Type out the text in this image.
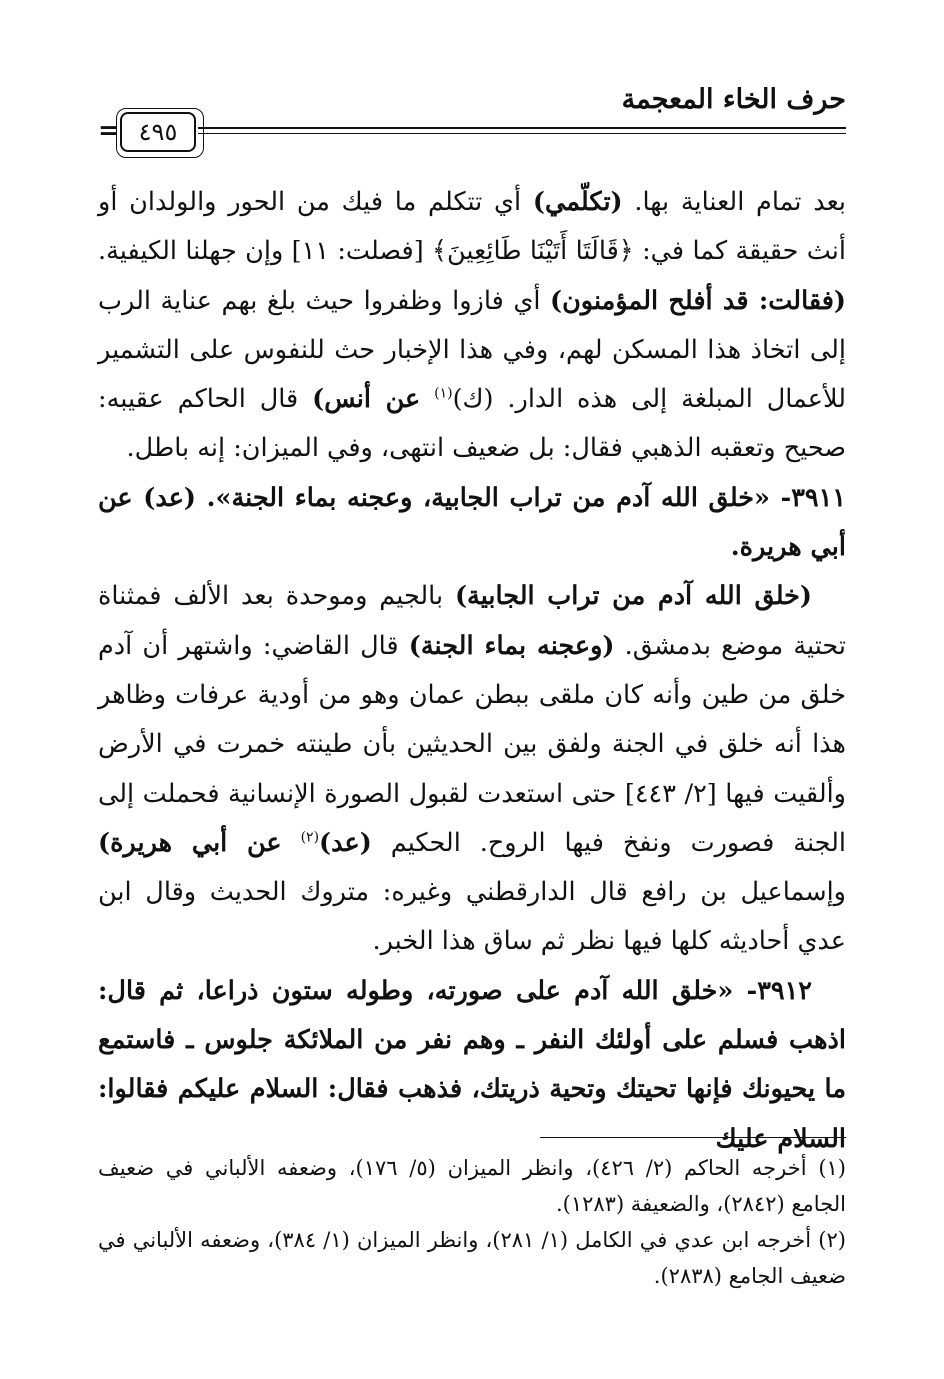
حرف الخاء المعجمة
= ٤٩٥

بعد تمام العناية بها. (تكلّمي) أي تتكلم ما فيك من الحور والولدان أو أنث حقيقة كما في: ﴿قَالَتَا أَتَيْنَا طَائِعِينَ﴾ [فصلت: ١١] وإن جهلنا الكيفية. (فقالت: قد أفلح المؤمنون) أي فازوا وظفروا حيث بلغ بهم عناية الرب إلى اتخاذ هذا المسكن لهم، وفي هذا الإخبار حث للنفوس على التشمير للأعمال المبلغة إلى هذه الدار. (ك)$^{(١)}$ عن أنس) قال الحاكم عقيبه: صحيح وتعقبه الذهبي فقال: بل ضعيف انتهى، وفي الميزان: إنه باطل.

٣٩١١- «خلق الله آدم من تراب الجابية، وعجنه بماء الجنة». (عد) عن أبي هريرة.

(خلق الله آدم من تراب الجابية) بالجيم وموحدة بعد الألف فمثناة تحتية موضع بدمشق. (وعجنه بماء الجنة) قال القاضي: واشتهر أن آدم خلق من طين وأنه كان ملقى ببطن عمان وهو من أودية عرفات وظاهر هذا أنه خلق في الجنة ولفق بين الحديثين بأن طينته خمرت في الأرض وألقيت فيها [٢/ ٤٤٣] حتى استعدت لقبول الصورة الإنسانية فحملت إلى الجنة فصورت ونفخ فيها الروح. الحكيم (عد)$^{(٢)}$ عن أبي هريرة) وإسماعيل بن رافع قال الدارقطني وغيره: متروك الحديث وقال ابن عدي أحاديثه كلها فيها نظر ثم ساق هذا الخبر.

٣٩١٢- «خلق الله آدم على صورته، وطوله ستون ذراعا، ثم قال: اذهب فسلم على أولئك النفر ـ وهم نفر من الملائكة جلوس ـ فاستمع ما يحيونك فإنها تحيتك وتحية ذريتك، فذهب فقال: السلام عليكم فقالوا: السلام عليك

(١) أخرجه الحاكم (٢/ ٤٢٦)، وانظر الميزان (٥/ ١٧٦)، وضعفه الألباني في ضعيف الجامع (٢٨٤٢)، والضعيفة (١٢٨٣).

(٢) أخرجه ابن عدي في الكامل (١/ ٢٨١)، وانظر الميزان (١/ ٣٨٤)، وضعفه الألباني في ضعيف الجامع (٢٨٣٨).
